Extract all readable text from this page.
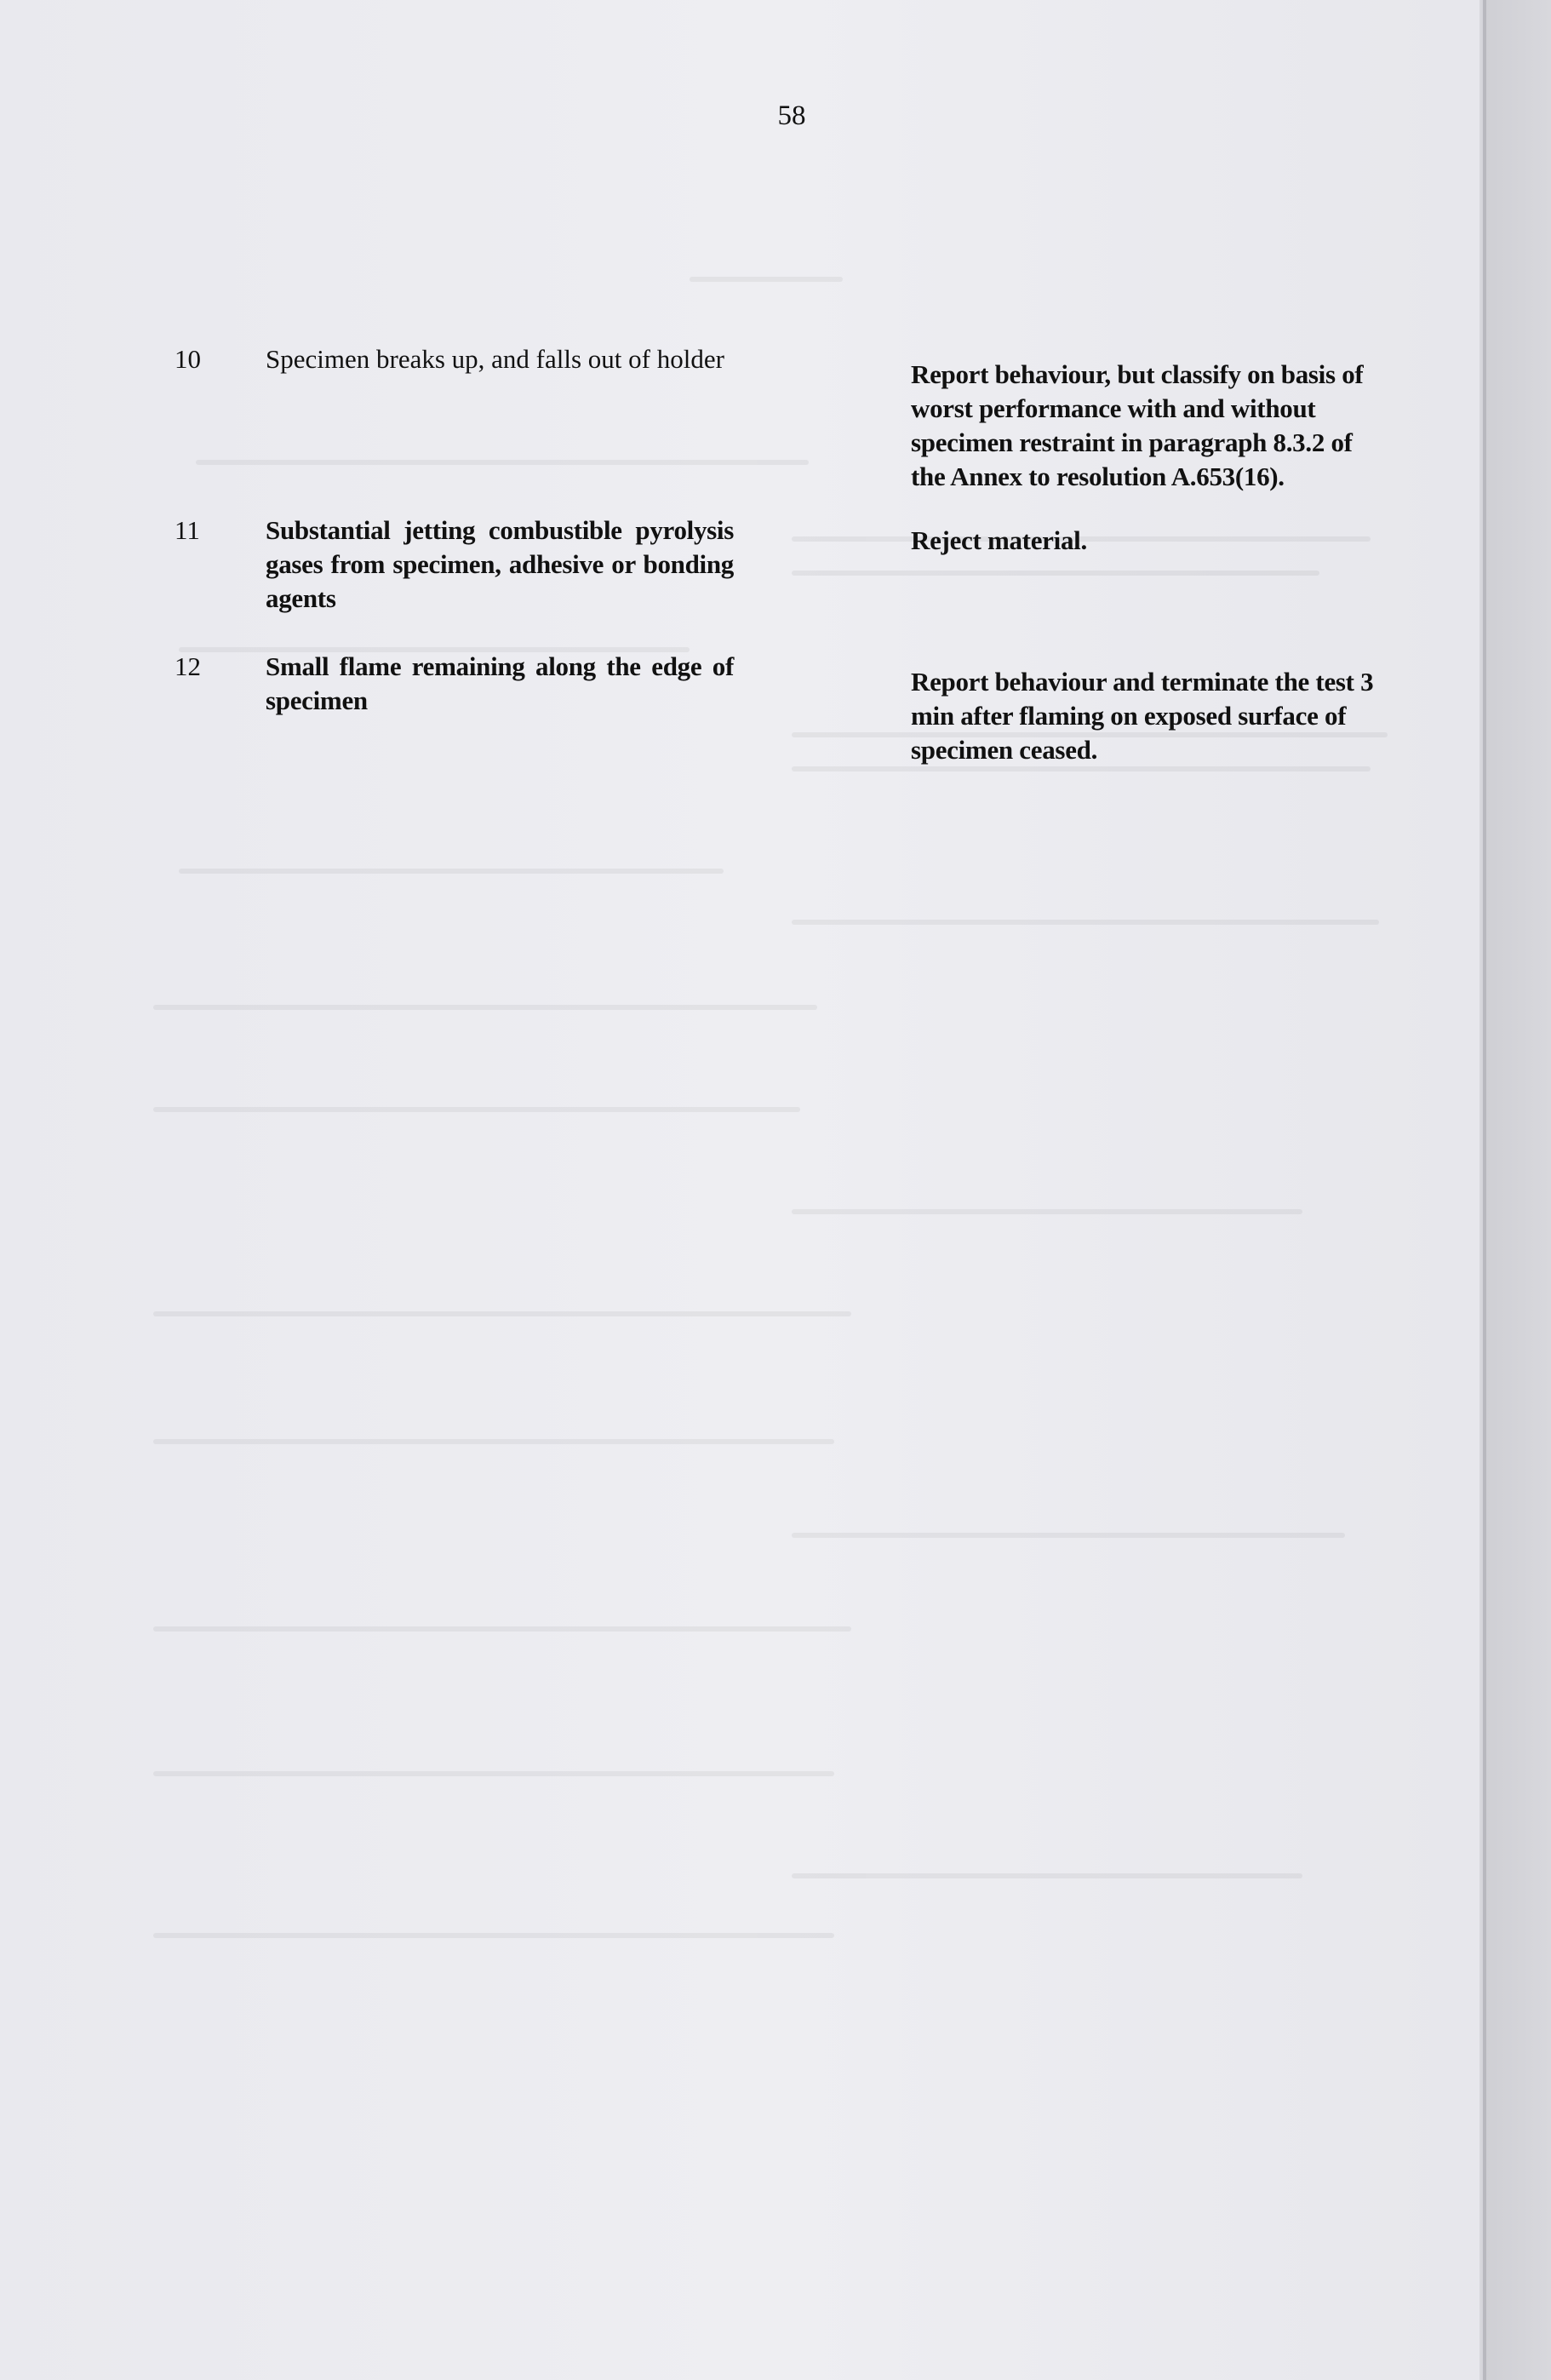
58
10 Specimen breaks up, and falls out of holder
Report behaviour, but classify on basis of worst performance with and without specimen restraint in paragraph 8.3.2 of the Annex to resolution A.653(16).
11 Substantial jetting combustible pyrolysis gases from specimen, adhesive or bonding agents
Reject material.
12 Small flame remaining along the edge of specimen
Report behaviour and terminate the test 3 min after flaming on exposed surface of specimen ceased.
